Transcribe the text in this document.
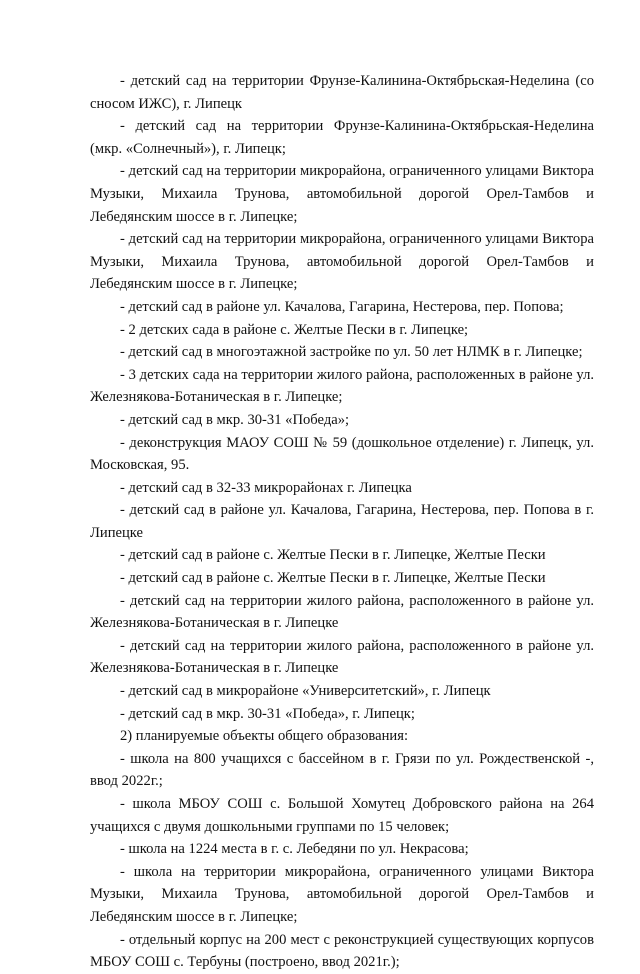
- детский сад на территории Фрунзе-Калинина-Октябрьская-Неделина (со сносом ИЖС), г. Липецк

- детский сад на территории Фрунзе-Калинина-Октябрьская-Неделина (мкр. «Солнечный»), г. Липецк;

- детский сад на территории микрорайона, ограниченного улицами Виктора Музыки, Михаила Трунова, автомобильной дорогой Орел-Тамбов и Лебедянским шоссе в г. Липецке;

- детский сад на территории микрорайона, ограниченного улицами Виктора Музыки, Михаила Трунова, автомобильной дорогой Орел-Тамбов и Лебедянским шоссе в г. Липецке;

- детский сад в районе ул. Качалова, Гагарина, Нестерова, пер. Попова;

- 2 детских сада в районе с. Желтые Пески в г. Липецке;

- детский сад в многоэтажной застройке по ул. 50 лет НЛМК в г. Липецке;

- 3 детских сада на территории жилого района, расположенных в районе ул. Железнякова-Ботаническая в г. Липецке;

- детский сад в мкр. 30-31 «Победа»;

- деконструкция МАОУ СОШ № 59 (дошкольное отделение) г. Липецк, ул. Московская, 95.

- детский сад в 32-33 микрорайонах г. Липецка

- детский сад в районе ул. Качалова, Гагарина, Нестерова, пер. Попова в г. Липецке

- детский сад в районе с. Желтые Пески в г. Липецке, Желтые Пески

- детский сад в районе с. Желтые Пески в г. Липецке, Желтые Пески

- детский сад на территории жилого района, расположенного в районе ул. Железнякова-Ботаническая в г. Липецке

- детский сад на территории жилого района, расположенного в районе ул. Железнякова-Ботаническая в г. Липецке

- детский сад в микрорайоне «Университетский», г. Липецк

- детский сад в мкр. 30-31 «Победа», г. Липецк;

2) планируемые объекты общего образования:

- школа на 800 учащихся с бассейном в г. Грязи по ул. Рождественской -, ввод 2022г.;

- школа МБОУ СОШ с. Большой Хомутец Добровского района на 264 учащихся с двумя дошкольными группами по 15 человек;

- школа на 1224 места в г. с. Лебедяни по ул. Некрасова;

- школа на территории микрорайона, ограниченного улицами Виктора Музыки, Михаила Трунова, автомобильной дорогой Орел-Тамбов и Лебедянским шоссе в г. Липецке;

- отдельный корпус на 200 мест с реконструкцией существующих корпусов МБОУ СОШ с. Тербуны (построено, ввод 2021г.);
